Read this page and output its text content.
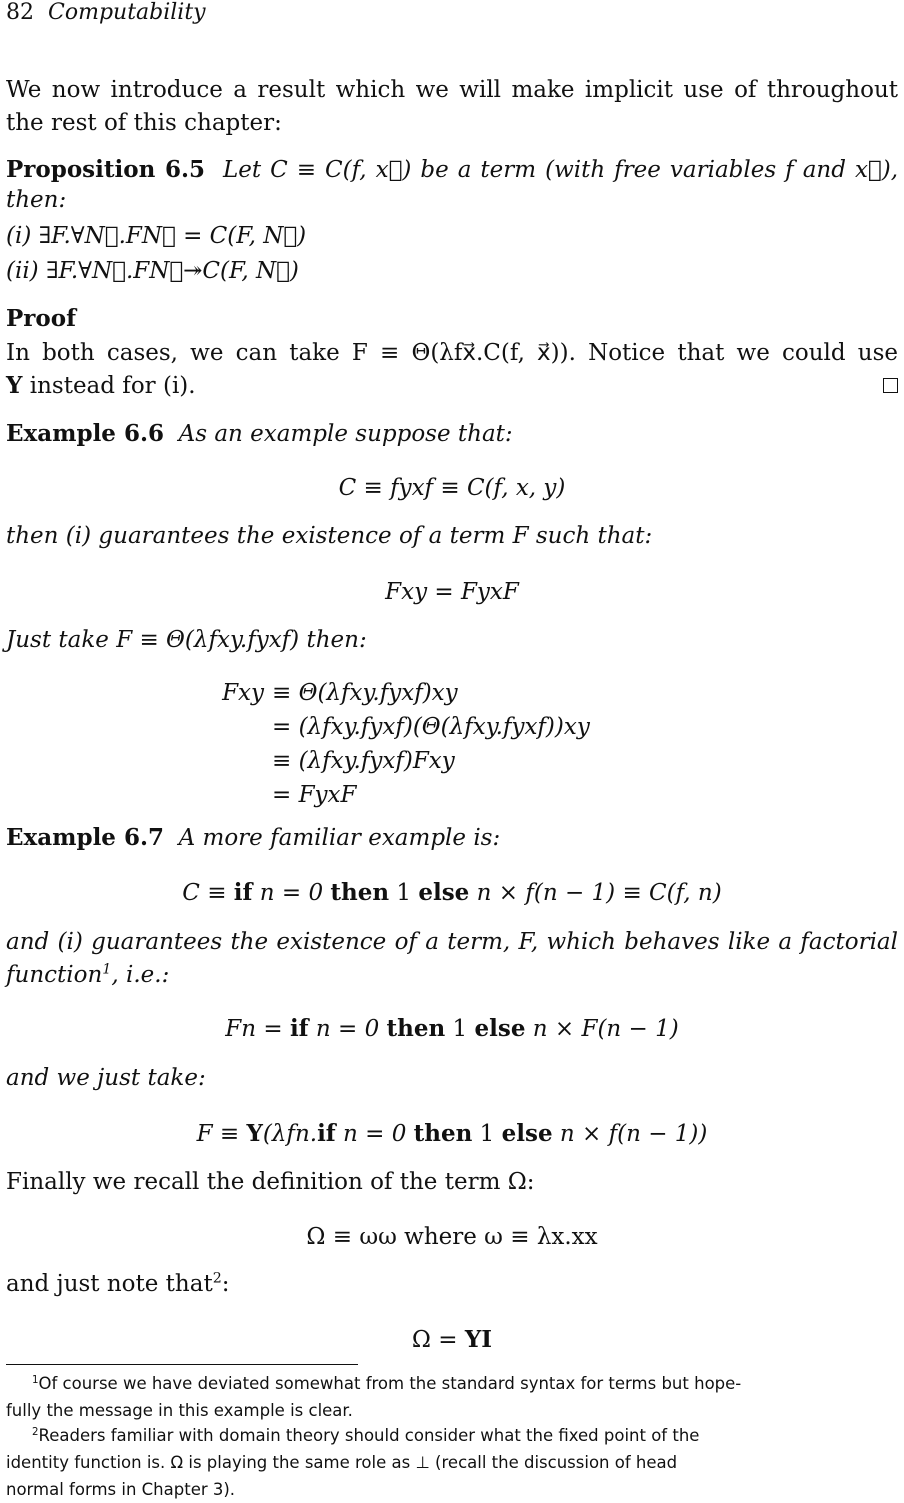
82 Computability
We now introduce a result which we will make implicit use of throughout
the rest of this chapter:
Proposition 6.5 Let C ≡ C(f, x⃗) be a term (with free variables f and x⃗),
then:
(i) ∃F.∀N⃗.FN⃗ = C(F, N⃗)
(ii) ∃F.∀N⃗.FN⃗↠C(F, N⃗)
Proof
In both cases, we can take F ≡ Θ(λfx⃗.C(f, x⃗)). Notice that we could use
Y instead for (i).
Example 6.6 As an example suppose that:
C ≡ fyxf ≡ C(f, x, y)
then (i) guarantees the existence of a term F such that:
Fxy = FyxF
Just take F ≡ Θ(λfxy.fyxf) then:
Fxy ≡ Θ(λfxy.fyxf)xy
= (λfxy.fyxf)(Θ(λfxy.fyxf))xy
≡ (λfxy.fyxf)Fxy
= FyxF
Example 6.7 A more familiar example is:
C ≡ if n = 0 then 1 else n × f(n − 1) ≡ C(f, n)
and (i) guarantees the existence of a term, F, which behaves like a factorial
function$^1$, i.e.:
Fn = if n = 0 then 1 else n × F(n − 1)
and we just take:
F ≡ Y(λfn.if n = 0 then 1 else n × f(n − 1))
Finally we recall the definition of the term Ω:
Ω ≡ ωω where ω ≡ λx.xx
and just note that$^2$:
Ω = YI
$^1$Of course we have deviated somewhat from the standard syntax for terms but hope-
fully the message in this example is clear.
$^2$Readers familiar with domain theory should consider what the fixed point of the
identity function is. Ω is playing the same role as ⊥ (recall the discussion of head
normal forms in Chapter 3).
